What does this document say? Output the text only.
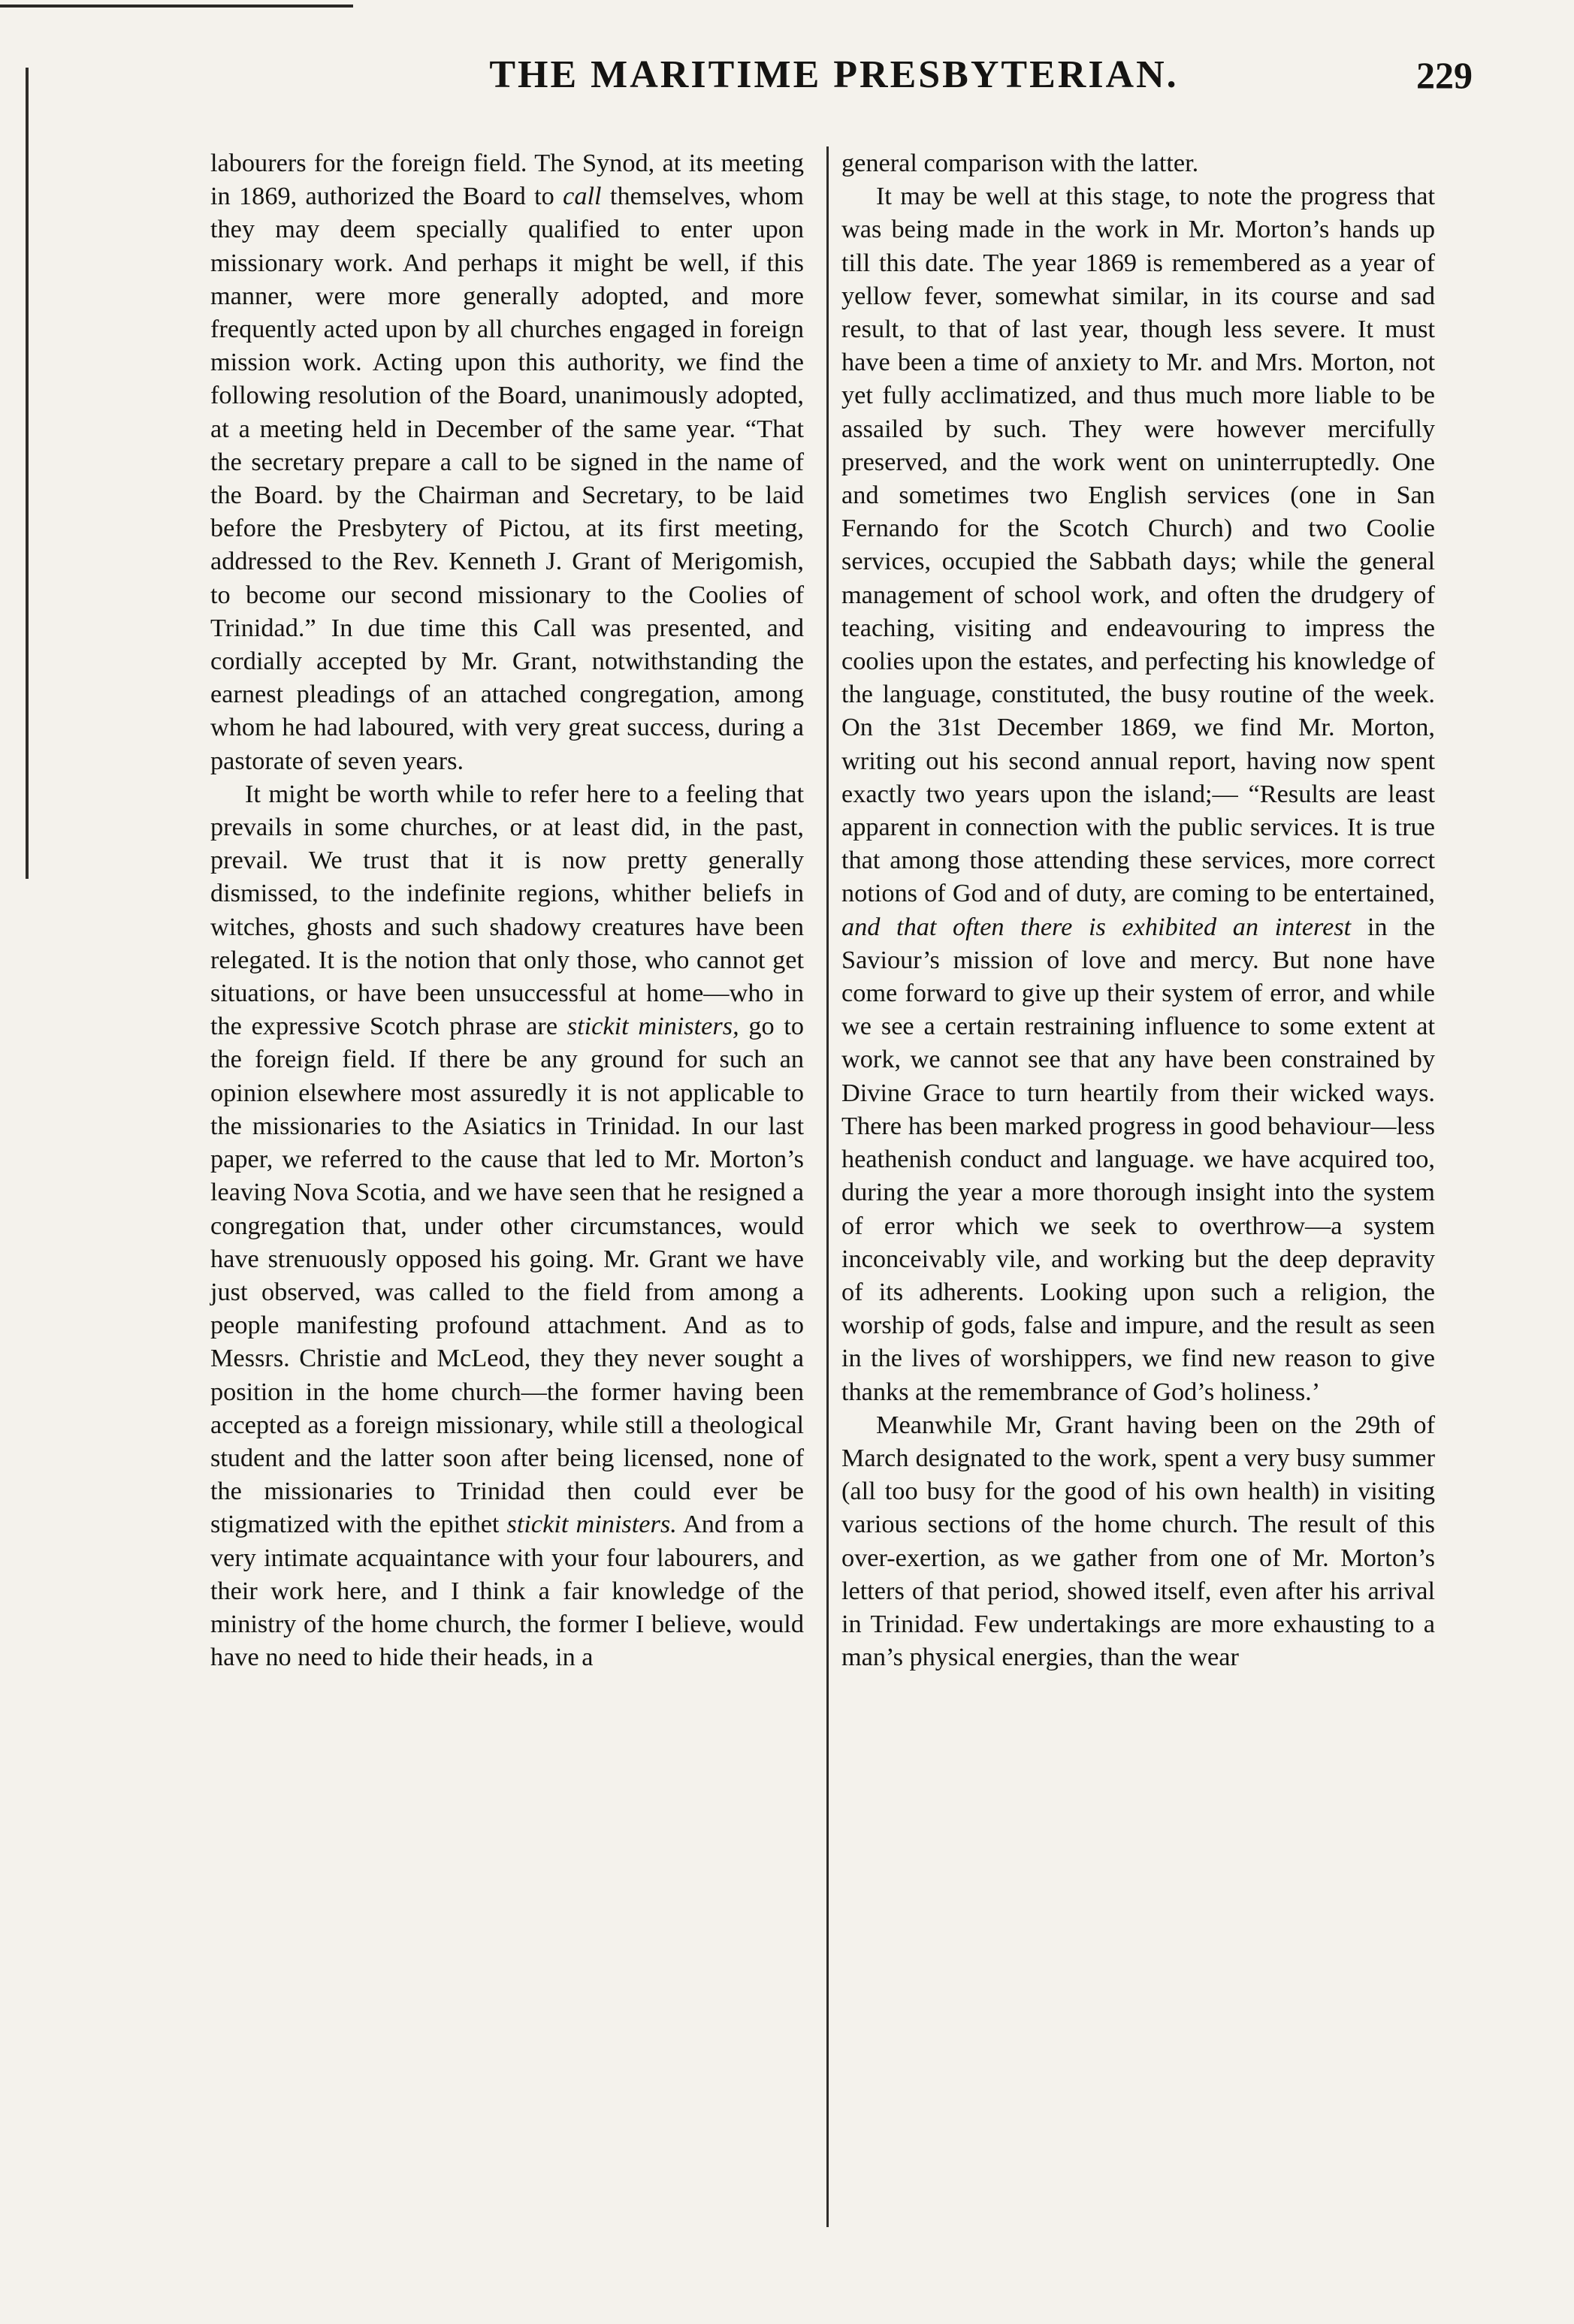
THE MARITIME PRESBYTERIAN.	229

labourers for the foreign field. The Synod, at its meeting in 1869, authorized the Board to call themselves, whom they may deem specially qualified to enter upon missionary work. And perhaps it might be well, if this manner, were more generally adopted, and more frequently acted upon by all churches engaged in foreign mission work. Acting upon this authority, we find the following resolution of the Board, unanimously adopted, at a meeting held in December of the same year. “That the secretary prepare a call to be signed in the name of the Board. by the Chairman and Secretary, to be laid before the Presbytery of Pictou, at its first meeting, addressed to the Rev. Kenneth J. Grant of Merigomish, to become our second missionary to the Coolies of Trinidad.” In due time this Call was presented, and cordially accepted by Mr. Grant, notwithstanding the earnest pleadings of an attached congregation, among whom he had laboured, with very great success, during a pastorate of seven years.

It might be worth while to refer here to a feeling that prevails in some churches, or at least did, in the past, prevail. We trust that it is now pretty generally dismissed, to the indefinite regions, whither beliefs in witches, ghosts and such shadowy creatures have been relegated. It is the notion that only those, who cannot get situations, or have been unsuccessful at home—who in the expressive Scotch phrase are stickit ministers, go to the foreign field. If there be any ground for such an opinion elsewhere most assuredly it is not applicable to the missionaries to the Asiatics in Trinidad. In our last paper, we referred to the cause that led to Mr. Morton’s leaving Nova Scotia, and we have seen that he resigned a congregation that, under other circumstances, would have strenuously opposed his going. Mr. Grant we have just observed, was called to the field from among a people manifesting profound attachment. And as to Messrs. Christie and McLeod, they they never sought a position in the home church—the former having been accepted as a foreign missionary, while still a theological student and the latter soon after being licensed, none of the missionaries to Trinidad then could ever be stigmatized with the epithet stickit ministers. And from a very intimate acquaintance with your four labourers, and their work here, and I think a fair knowledge of the ministry of the home church, the former I believe, would have no need to hide their heads, in a

general comparison with the latter.

It may be well at this stage, to note the progress that was being made in the work in Mr. Morton’s hands up till this date. The year 1869 is remembered as a year of yellow fever, somewhat similar, in its course and sad result, to that of last year, though less severe. It must have been a time of anxiety to Mr. and Mrs. Morton, not yet fully acclimatized, and thus much more liable to be assailed by such. They were however mercifully preserved, and the work went on uninterruptedly. One and sometimes two English services (one in San Fernando for the Scotch Church) and two Coolie services, occupied the Sabbath days; while the general management of school work, and often the drudgery of teaching, visiting and endeavouring to impress the coolies upon the estates, and perfecting his knowledge of the language, constituted, the busy routine of the week. On the 31st December 1869, we find Mr. Morton, writing out his second annual report, having now spent exactly two years upon the island;— “Results are least apparent in connection with the public services. It is true that among those attending these services, more correct notions of God and of duty, are coming to be entertained, and that often there is exhibited an interest in the Saviour’s mission of love and mercy. But none have come forward to give up their system of error, and while we see a certain restraining influence to some extent at work, we cannot see that any have been constrained by Divine Grace to turn heartily from their wicked ways. There has been marked progress in good behaviour—less heathenish conduct and language. we have acquired too, during the year a more thorough insight into the system of error which we seek to overthrow—a system inconceivably vile, and working but the deep depravity of its adherents. Looking upon such a religion, the worship of gods, false and impure, and the result as seen in the lives of worshippers, we find new reason to give thanks at the remembrance of God’s holiness.’

Meanwhile Mr, Grant having been on the 29th of March designated to the work, spent a very busy summer (all too busy for the good of his own health) in visiting various sections of the home church. The result of this over-exertion, as we gather from one of Mr. Morton’s letters of that period, showed itself, even after his arrival in Trinidad. Few undertakings are more exhausting to a man’s physical energies, than the wear
